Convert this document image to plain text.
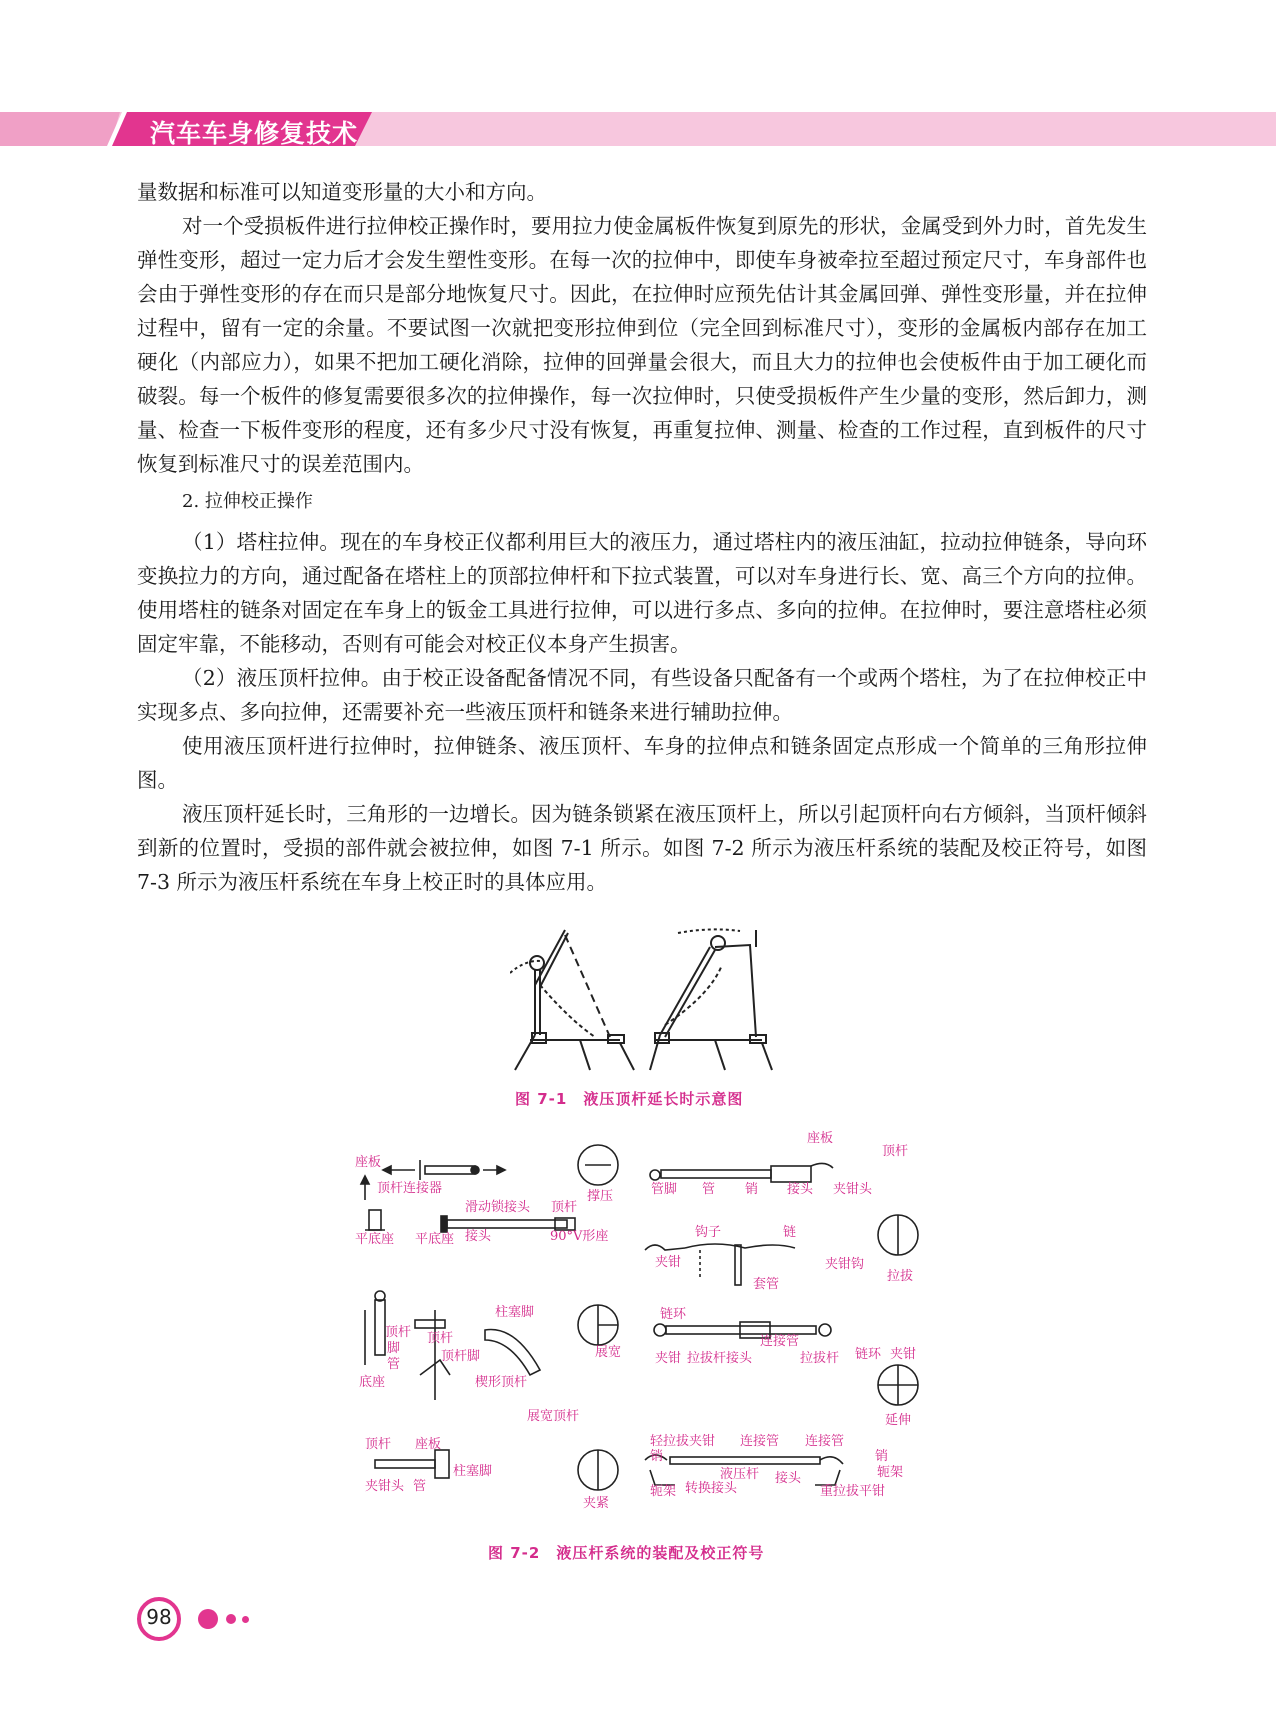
汽车车身修复技术

量数据和标准可以知道变形量的大小和方向。

对一个受损板件进行拉伸校正操作时，要用拉力使金属板件恢复到原先的形状，金属受到外力时，首先发生弹性变形，超过一定力后才会发生塑性变形。在每一次的拉伸中，即使车身被牵拉至超过预定尺寸，车身部件也会由于弹性变形的存在而只是部分地恢复尺寸。因此，在拉伸时应预先估计其金属回弹、弹性变形量，并在拉伸过程中，留有一定的余量。不要试图一次就把变形拉伸到位（完全回到标准尺寸），变形的金属板内部存在加工硬化（内部应力），如果不把加工硬化消除，拉伸的回弹量会很大，而且大力的拉伸也会使板件由于加工硬化而破裂。每一个板件的修复需要很多次的拉伸操作，每一次拉伸时，只使受损板件产生少量的变形，然后卸力，测量、检查一下板件变形的程度，还有多少尺寸没有恢复，再重复拉伸、测量、检查的工作过程，直到板件的尺寸恢复到标准尺寸的误差范围内。

2. 拉伸校正操作

（1）塔柱拉伸。现在的车身校正仪都利用巨大的液压力，通过塔柱内的液压油缸，拉动拉伸链条，导向环变换拉力的方向，通过配备在塔柱上的顶部拉伸杆和下拉式装置，可以对车身进行长、宽、高三个方向的拉伸。使用塔柱的链条对固定在车身上的钣金工具进行拉伸，可以进行多点、多向的拉伸。在拉伸时，要注意塔柱必须固定牢靠，不能移动，否则有可能会对校正仪本身产生损害。

（2）液压顶杆拉伸。由于校正设备配备情况不同，有些设备只配备有一个或两个塔柱，为了在拉伸校正中实现多点、多向拉伸，还需要补充一些液压顶杆和链条来进行辅助拉伸。

使用液压顶杆进行拉伸时，拉伸链条、液压顶杆、车身的拉伸点和链条固定点形成一个简单的三角形拉伸图。

液压顶杆延长时，三角形的一边增长。因为链条锁紧在液压顶杆上，所以引起顶杆向右方倾斜，当顶杆倾斜到新的位置时，受损的部件就会被拉伸，如图 7-1 所示。如图 7-2 所示为液压杆系统的装配及校正符号，如图 7-3 所示为液压杆系统在车身上校正时的具体应用。

图 7-1　液压顶杆延长时示意图
座板
顶杆连接器
平底座 平底座
滑动锁接头 顶杆
接头	90°V形座
撑压
座板
顶杆
管脚 管 销 接头 夹钳头
钩子	链
夹钳
套管
夹钳钩
拉拔
顶杆
脚
管
底座
柱塞脚
顶杆
顶杆脚
楔形顶杆
展宽顶杆
展宽
链环
连接管
夹钳 拉拔杆接头	拉拔杆 链环 夹钳
延伸
顶杆 座板
柱塞脚
夹钳头 管
夹紧
轻拉拔夹钳 连接管 连接管
销	销
轭架
液压杆 接头
轭架 转换接头	重拉拔平钳
图 7-2　液压杆系统的装配及校正符号
98
